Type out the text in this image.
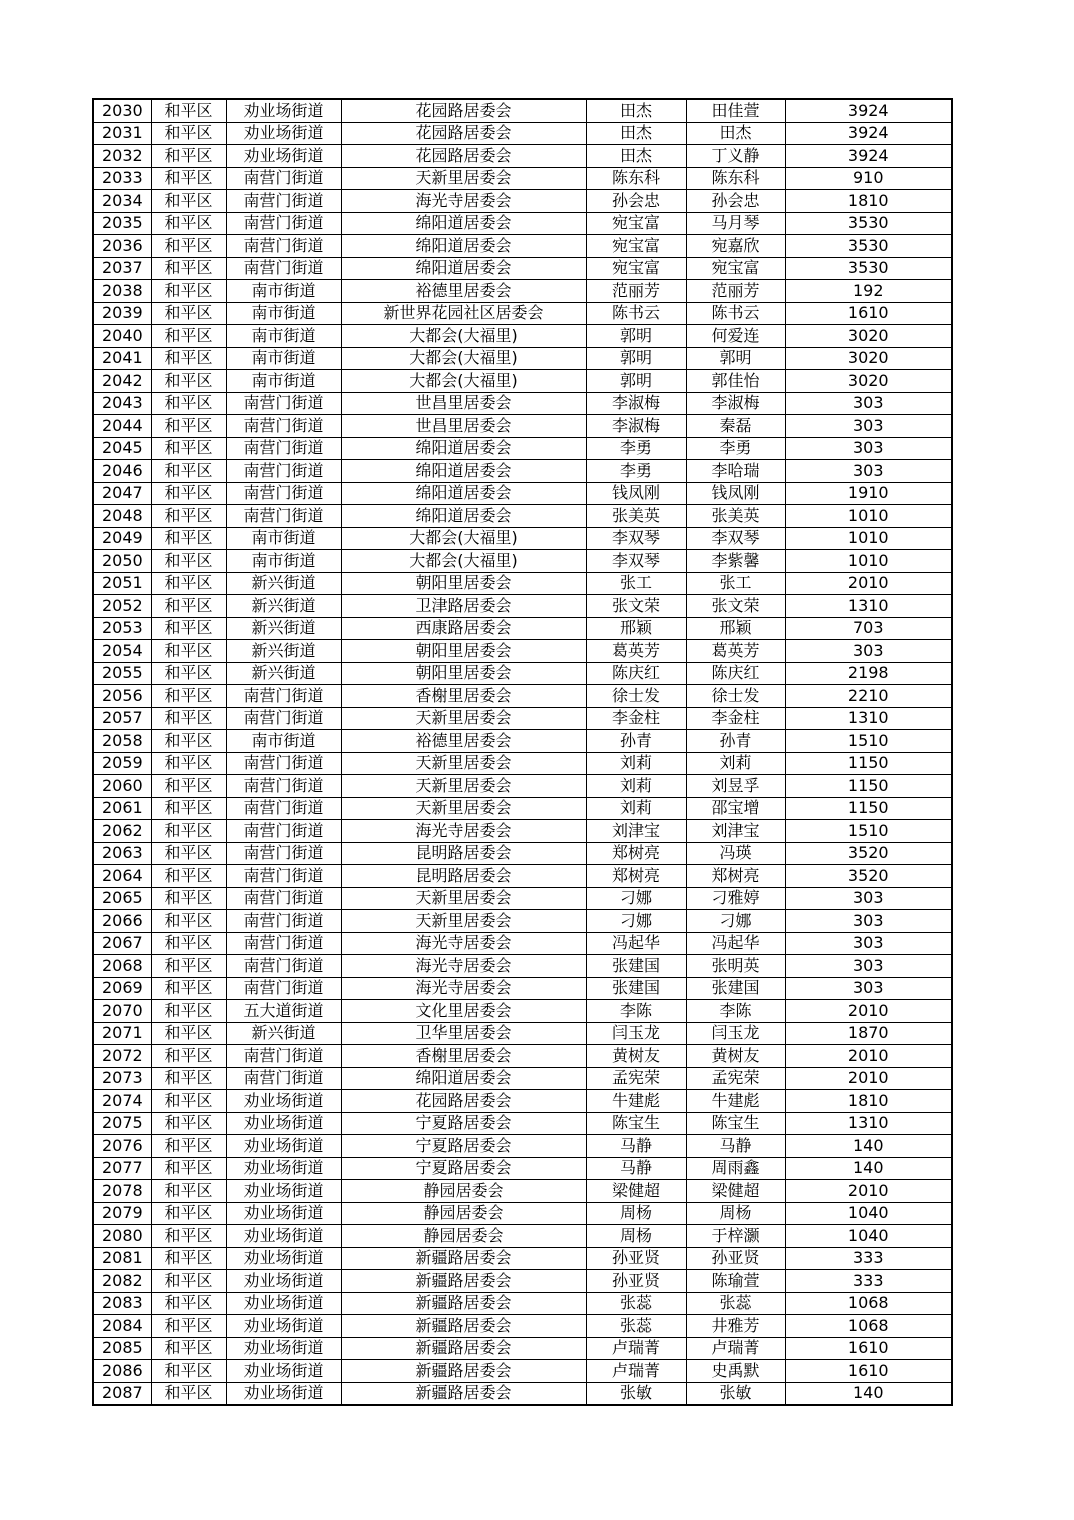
2030	和平区	劝业场街道	花园路居委会	田杰	田佳萱	3924
2031	和平区	劝业场街道	花园路居委会	田杰	田杰	3924
2032	和平区	劝业场街道	花园路居委会	田杰	丁义静	3924
2033	和平区	南营门街道	天新里居委会	陈东科	陈东科	910
2034	和平区	南营门街道	海光寺居委会	孙会忠	孙会忠	1810
2035	和平区	南营门街道	绵阳道居委会	宛宝富	马月琴	3530
2036	和平区	南营门街道	绵阳道居委会	宛宝富	宛嘉欣	3530
2037	和平区	南营门街道	绵阳道居委会	宛宝富	宛宝富	3530
2038	和平区	南市街道	裕德里居委会	范丽芳	范丽芳	192
2039	和平区	南市街道	新世界花园社区居委会	陈书云	陈书云	1610
2040	和平区	南市街道	大都会(大福里)	郭明	何爱连	3020
2041	和平区	南市街道	大都会(大福里)	郭明	郭明	3020
2042	和平区	南市街道	大都会(大福里)	郭明	郭佳怡	3020
2043	和平区	南营门街道	世昌里居委会	李淑梅	李淑梅	303
2044	和平区	南营门街道	世昌里居委会	李淑梅	秦磊	303
2045	和平区	南营门街道	绵阳道居委会	李勇	李勇	303
2046	和平区	南营门街道	绵阳道居委会	李勇	李哈瑞	303
2047	和平区	南营门街道	绵阳道居委会	钱凤刚	钱凤刚	1910
2048	和平区	南营门街道	绵阳道居委会	张美英	张美英	1010
2049	和平区	南市街道	大都会(大福里)	李双琴	李双琴	1010
2050	和平区	南市街道	大都会(大福里)	李双琴	李紫馨	1010
2051	和平区	新兴街道	朝阳里居委会	张工	张工	2010
2052	和平区	新兴街道	卫津路居委会	张文荣	张文荣	1310
2053	和平区	新兴街道	西康路居委会	邢颖	邢颖	703
2054	和平区	新兴街道	朝阳里居委会	葛英芳	葛英芳	303
2055	和平区	新兴街道	朝阳里居委会	陈庆红	陈庆红	2198
2056	和平区	南营门街道	香榭里居委会	徐士发	徐士发	2210
2057	和平区	南营门街道	天新里居委会	李金柱	李金柱	1310
2058	和平区	南市街道	裕德里居委会	孙青	孙青	1510
2059	和平区	南营门街道	天新里居委会	刘莉	刘莉	1150
2060	和平区	南营门街道	天新里居委会	刘莉	刘昱孚	1150
2061	和平区	南营门街道	天新里居委会	刘莉	邵宝增	1150
2062	和平区	南营门街道	海光寺居委会	刘津宝	刘津宝	1510
2063	和平区	南营门街道	昆明路居委会	郑树亮	冯瑛	3520
2064	和平区	南营门街道	昆明路居委会	郑树亮	郑树亮	3520
2065	和平区	南营门街道	天新里居委会	刁娜	刁雅婷	303
2066	和平区	南营门街道	天新里居委会	刁娜	刁娜	303
2067	和平区	南营门街道	海光寺居委会	冯起华	冯起华	303
2068	和平区	南营门街道	海光寺居委会	张建国	张明英	303
2069	和平区	南营门街道	海光寺居委会	张建国	张建国	303
2070	和平区	五大道街道	文化里居委会	李陈	李陈	2010
2071	和平区	新兴街道	卫华里居委会	闫玉龙	闫玉龙	1870
2072	和平区	南营门街道	香榭里居委会	黄树友	黄树友	2010
2073	和平区	南营门街道	绵阳道居委会	孟宪荣	孟宪荣	2010
2074	和平区	劝业场街道	花园路居委会	牛建彪	牛建彪	1810
2075	和平区	劝业场街道	宁夏路居委会	陈宝生	陈宝生	1310
2076	和平区	劝业场街道	宁夏路居委会	马静	马静	140
2077	和平区	劝业场街道	宁夏路居委会	马静	周雨鑫	140
2078	和平区	劝业场街道	静园居委会	梁健超	梁健超	2010
2079	和平区	劝业场街道	静园居委会	周杨	周杨	1040
2080	和平区	劝业场街道	静园居委会	周杨	于梓灏	1040
2081	和平区	劝业场街道	新疆路居委会	孙亚贤	孙亚贤	333
2082	和平区	劝业场街道	新疆路居委会	孙亚贤	陈瑜萱	333
2083	和平区	劝业场街道	新疆路居委会	张蕊	张蕊	1068
2084	和平区	劝业场街道	新疆路居委会	张蕊	井雅芳	1068
2085	和平区	劝业场街道	新疆路居委会	卢瑞菁	卢瑞菁	1610
2086	和平区	劝业场街道	新疆路居委会	卢瑞菁	史禹默	1610
2087	和平区	劝业场街道	新疆路居委会	张敏	张敏	140
